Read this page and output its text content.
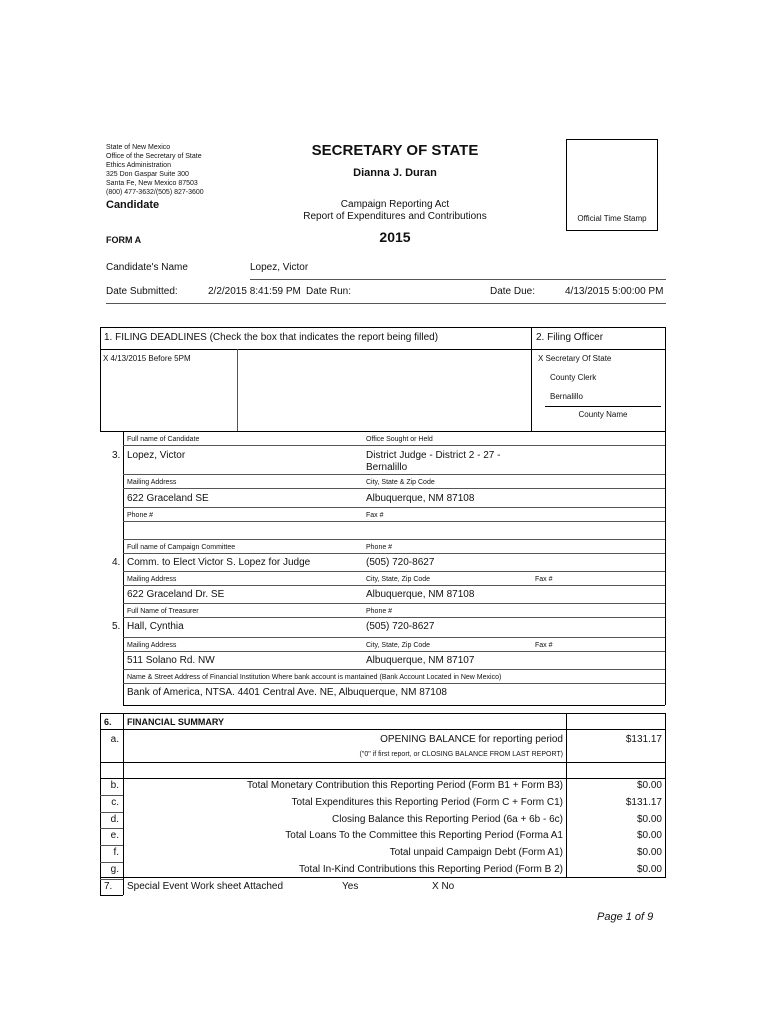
State of New Mexico
Office of the Secretary of State
Ethics Administration
325 Don Gaspar Suite 300
Santa Fe, New Mexico 87503
(800) 477-3632/(505) 827-3600
SECRETARY OF STATE
Dianna J. Duran
Candidate	Campaign Reporting Act
Report of Expenditures and Contributions
2015
FORM A
Official Time Stamp
Candidate's Name	Lopez, Victor
Date Submitted:	2/2/2015 8:41:59 PM Date Run:	Date Due:	4/13/2015 5:00:00 PM
1. FILING DEADLINES (Check the box that indicates the report being filled)	2. Filing Officer
X 4/13/2015 Before 5PM	X Secretary Of State
County Clerk
Bernalillo
County Name
Full name of Candidate	Office Sought or Held
3. Lopez, Victor	District Judge - District 2 - 27 -
Bernalillo
Mailing Address	City, State & Zip Code
622 Graceland SE	Albuquerque, NM 87108
Phone #	Fax #
Full name of Campaign Committee	Phone #
4. Comm. to Elect Victor S. Lopez for Judge	(505) 720-8627
Mailing Address	City, State, Zip Code	Fax #
622 Graceland Dr. SE	Albuquerque, NM 87108
Full Name of Treasurer	Phone #
5. Hall, Cynthia	(505) 720-8627
Mailing Address	City, State, Zip Code	Fax #
511 Solano Rd. NW	Albuquerque, NM 87107
Name & Street Address of Financial Institution Where bank account is mantained (Bank Account Located in New Mexico)
Bank of America, NTSA. 4401 Central Ave. NE, Albuquerque, NM 87108
6. FINANCIAL SUMMARY
a.	OPENING BALANCE for reporting period	$131.17
("0" if first report, or CLOSING BALANCE FROM LAST REPORT)
b.	Total Monetary Contribution this Reporting Period (Form B1 + Form B3)	$0.00
c.	Total Expenditures this Reporting Period (Form C + Form C1)	$131.17
d.	Closing Balance this Reporting Period (6a + 6b - 6c)	$0.00
e.	Total Loans To the Committee this Reporting Period (Forma A1	$0.00
f.	Total unpaid Campaign Debt (Form A1)	$0.00
g.	Total In-Kind Contributions this Reporting Period (Form B 2)	$0.00
7. Special Event Work sheet Attached	Yes	X No
Page 1 of 9
